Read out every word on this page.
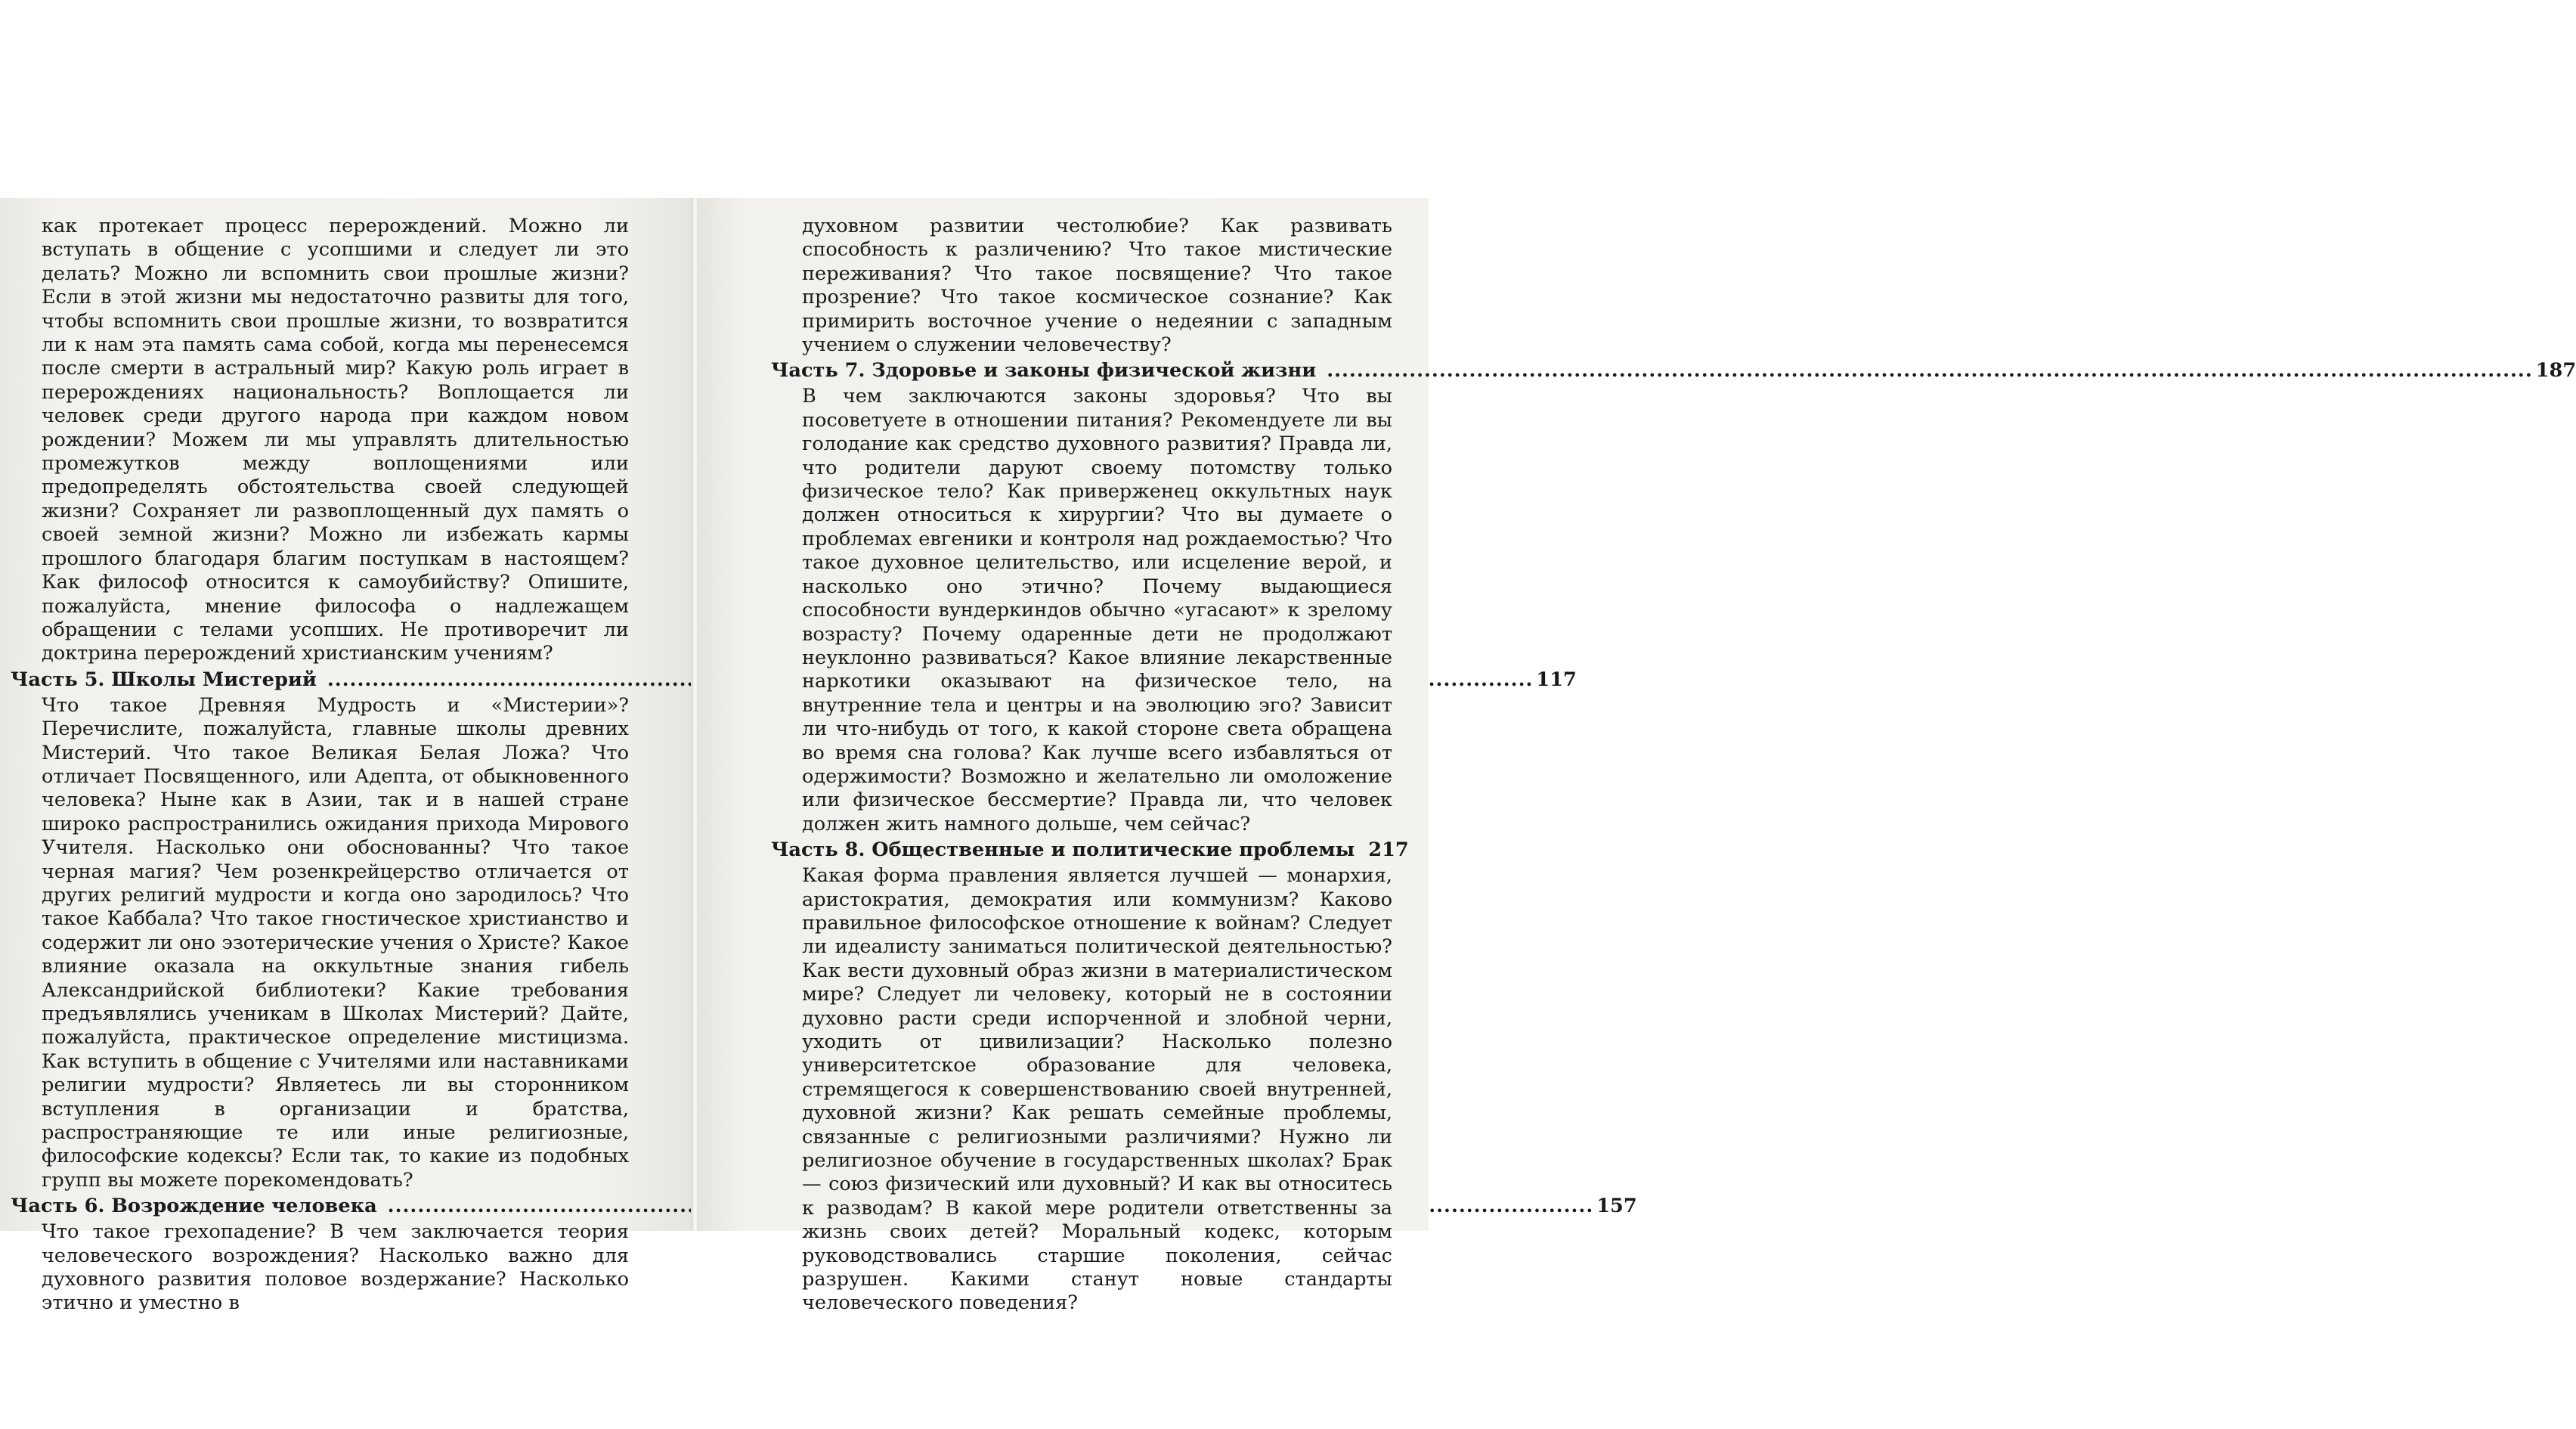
как протекает процесс перерождений. Можно ли вступать в общение с усопшими и следует ли это делать? Можно ли вспомнить свои прошлые жизни? Если в этой жизни мы недостаточно развиты для того, чтобы вспомнить свои прошлые жизни, то возвратится ли к нам эта память сама собой, когда мы перенесемся после смерти в астральный мир? Какую роль играет в перерождениях национальность? Воплощается ли человек среди другого народа при каждом новом рождении? Можем ли мы управлять длительностью промежутков между воплощениями или предопределять обстоятельства своей следующей жизни? Сохраняет ли развоплощенный дух память о своей земной жизни? Можно ли избежать кармы прошлого благодаря благим поступкам в настоящем? Как философ относится к самоубийству? Опишите, пожалуйста, мнение философа о надлежащем обращении с телами усопших. Не противоречит ли доктрина перерождений христианским учениям?

Часть 5. Школы Мистерий .....	117

Что такое Древняя Мудрость и «Мистерии»? Перечислите, пожалуйста, главные школы древних Мистерий. Что такое Великая Белая Ложа? Что отличает Посвященного, или Адепта, от обыкновенного человека? Ныне как в Азии, так и в нашей стране широко распространились ожидания прихода Мирового Учителя. Насколько они обоснованны? Что такое черная магия? Чем розенкрейцерство отличается от других религий мудрости и когда оно зародилось? Что такое Каббала? Что такое гностическое христианство и содержит ли оно эзотерические учения о Христе? Какое влияние оказала на оккультные знания гибель Александрийской библиотеки? Какие требования предъявлялись ученикам в Школах Мистерий? Дайте, пожалуйста, практическое определение мистицизма. Как вступить в общение с Учителями или наставниками религии мудрости? Являетесь ли вы сторонником вступления в организации и братства, распространяющие те или иные религиозные, философские кодексы? Если так, то какие из подобных групп вы можете порекомендовать?

Часть 6. Возрождение человека .....	157

Что такое грехопадение? В чем заключается теория человеческого возрождения? Насколько важно для духовного развития половое воздержание? Насколько этично и уместно в

духовном развитии честолюбие? Как развивать способность к различению? Что такое мистические переживания? Что такое посвящение? Что такое прозрение? Что такое космическое сознание? Как примирить восточное учение о недеянии с западным учением о служении человечеству?

Часть 7. Здоровье и законы физической жизни .....	187

В чем заключаются законы здоровья? Что вы посоветуете в отношении питания? Рекомендуете ли вы голодание как средство духовного развития? Правда ли, что родители даруют своему потомству только физическое тело? Как приверженец оккультных наук должен относиться к хирургии? Что вы думаете о проблемах евгеники и контроля над рождаемостью? Что такое духовное целительство, или исцеление верой, и насколько оно этично? Почему выдающиеся способности вундеркиндов обычно «угасают» к зрелому возрасту? Почему одаренные дети не продолжают неуклонно развиваться? Какое влияние лекарственные наркотики оказывают на физическое тело, на внутренние тела и центры и на эволюцию эго? Зависит ли что-нибудь от того, к какой стороне света обращена во время сна голова? Как лучше всего избавляться от одержимости? Возможно и желательно ли омоложение или физическое бессмертие? Правда ли, что человек должен жить намного дольше, чем сейчас?

Часть 8. Общественные и политические проблемы 217

Какая форма правления является лучшей — монархия, аристократия, демократия или коммунизм? Каково правильное философское отношение к войнам? Следует ли идеалисту заниматься политической деятельностью? Как вести духовный образ жизни в материалистическом мире? Следует ли человеку, который не в состоянии духовно расти среди испорченной и злобной черни, уходить от цивилизации? Насколько полезно университетское образование для человека, стремящегося к совершенствованию своей внутренней, духовной жизни? Как решать семейные проблемы, связанные с религиозными различиями? Нужно ли религиозное обучение в государственных школах? Брак — союз физический или духовный? И как вы относитесь к разводам? В какой мере родители ответственны за жизнь своих детей? Моральный кодекс, которым руководствовались старшие поколения, сейчас разрушен. Какими станут новые стандарты человеческого поведения?
